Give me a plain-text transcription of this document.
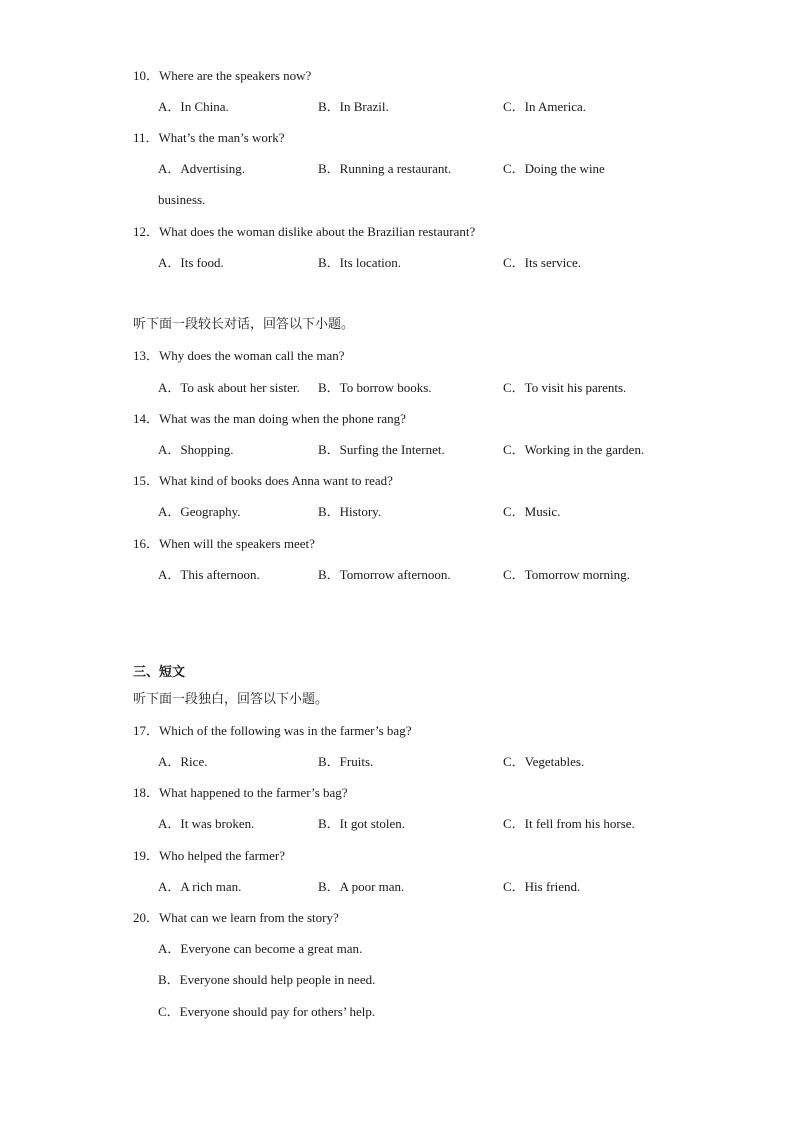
10．Where are the speakers now?
A．In China.	B．In Brazil.	C．In America.
11．What’s the man’s work?
A．Advertising.	B．Running a restaurant.	C．Doing the wine
business.
12．What does the woman dislike about the Brazilian restaurant?
A．Its food.	B．Its location.	C．Its service.
听下面一段较长对话，回答以下小题。
13．Why does the woman call the man?
A．To ask about her sister. B．To borrow books.	C．To visit his parents.
14．What was the man doing when the phone rang?
A．Shopping.	B．Surfing the Internet.	C．Working in the garden.
15．What kind of books does Anna want to read?
A．Geography.	B．History.	C．Music.
16．When will the speakers meet?
A．This afternoon.	B．Tomorrow afternoon.	C．Tomorrow morning.
三、短文
听下面一段独白，回答以下小题。
17．Which of the following was in the farmer’s bag?
A．Rice.	B．Fruits.	C．Vegetables.
18．What happened to the farmer’s bag?
A．It was broken.	B．It got stolen.	C．It fell from his horse.
19．Who helped the farmer?
A．A rich man.	B．A poor man.	C．His friend.
20．What can we learn from the story?
A．Everyone can become a great man.
B．Everyone should help people in need.
C．Everyone should pay for others’ help.
